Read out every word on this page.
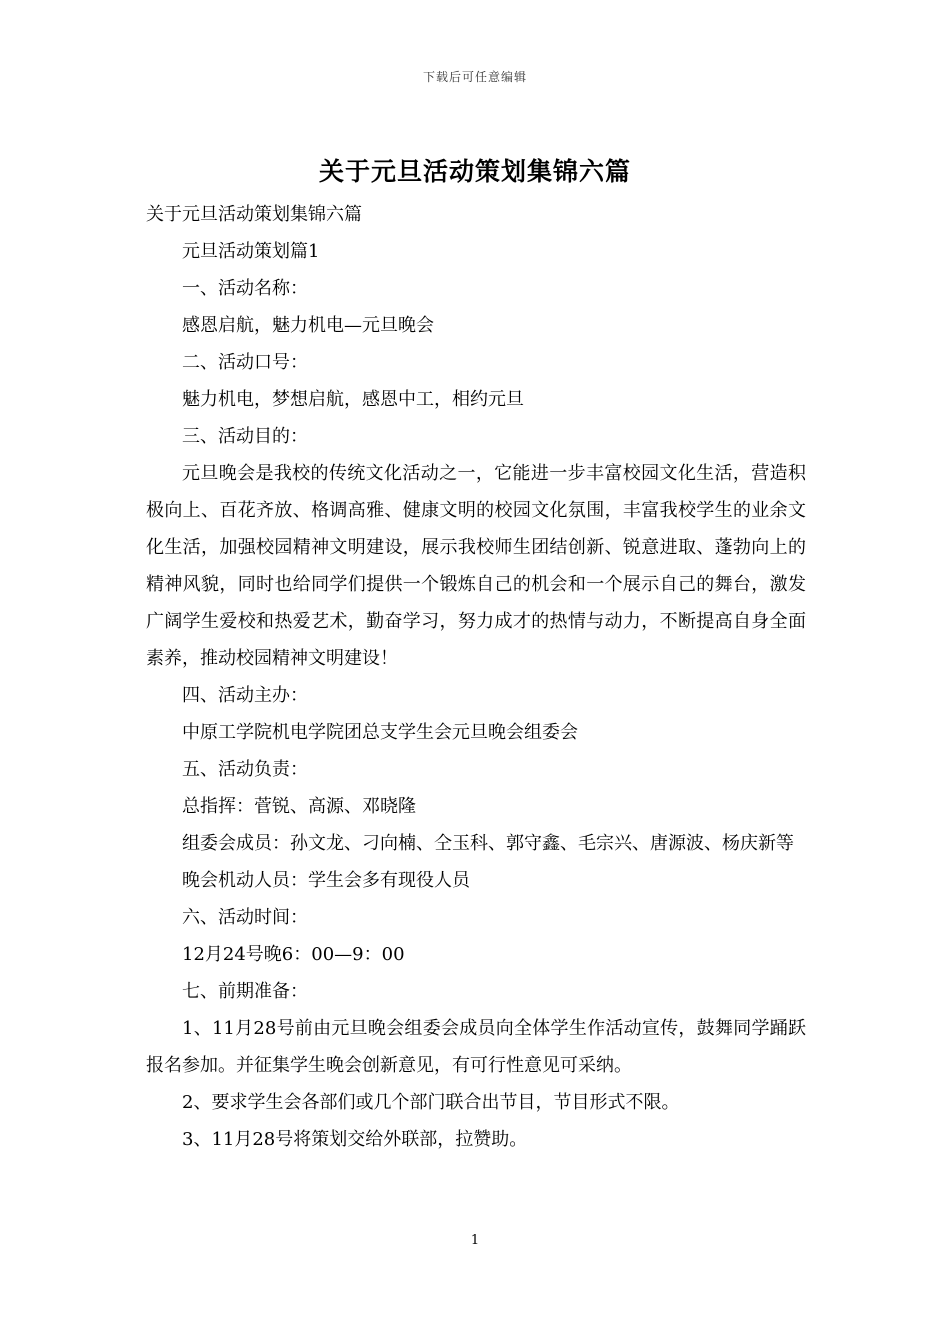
下载后可任意编辑
关于元旦活动策划集锦六篇

关于元旦活动策划集锦六篇

元旦活动策划篇1

一、活动名称：

感恩启航，魅力机电—元旦晚会

二、活动口号：

魅力机电，梦想启航，感恩中工，相约元旦

三、活动目的：

元旦晚会是我校的传统文化活动之一，它能进一步丰富校园文化生活，营造积极向上、百花齐放、格调高雅、健康文明的校园文化氛围，丰富我校学生的业余文化生活，加强校园精神文明建设，展示我校师生团结创新、锐意进取、蓬勃向上的精神风貌，同时也给同学们提供一个锻炼自己的机会和一个展示自己的舞台，激发广阔学生爱校和热爱艺术，勤奋学习，努力成才的热情与动力，不断提高自身全面素养，推动校园精神文明建设！

四、活动主办：

中原工学院机电学院团总支学生会元旦晚会组委会

五、活动负责：

总指挥：菅锐、高源、邓晓隆

组委会成员：孙文龙、刁向楠、仝玉科、郭守鑫、毛宗兴、唐源波、杨庆新等

晚会机动人员：学生会多有现役人员

六、活动时间：

12月24号晚6：00—9：00

七、前期准备：

1、11月28号前由元旦晚会组委会成员向全体学生作活动宣传，鼓舞同学踊跃报名参加。并征集学生晚会创新意见，有可行性意见可采纳。

2、要求学生会各部们或几个部门联合出节目，节目形式不限。

3、11月28号将策划交给外联部，拉赞助。

1
